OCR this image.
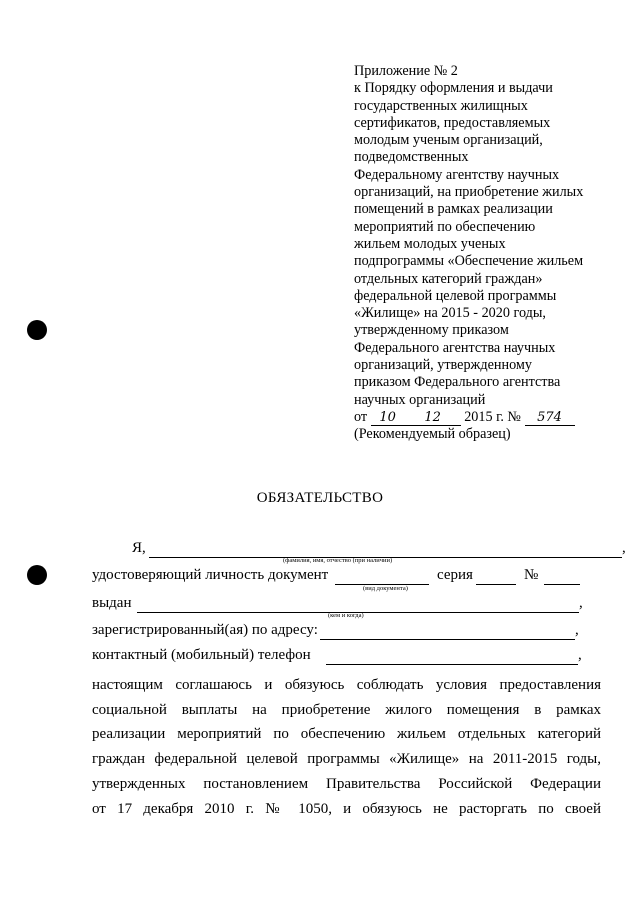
Приложение № 2
к Порядку оформления и выдачи
государственных жилищных
сертификатов, предоставляемых
молодым ученым организаций,
подведомственных
Федеральному агентству научных
организаций, на приобретение жилых
помещений в рамках реализации
мероприятий по обеспечению
жильем молодых ученых
подпрограммы «Обеспечение жильем
отдельных категорий граждан»
федеральной целевой программы
«Жилище» на 2015 - 2020 годы,
утвержденному приказом
Федерального агентства научных
организаций, утвержденному
приказом Федерального агентства
научных организаций
от 10 12 2015 г. № 574
(Рекомендуемый образец)
ОБЯЗАТЕЛЬСТВО
Я,	,
(фамилия, имя, отчество (при наличии)
удостоверяющий личность документ	серия	№
(вид документа)
выдан	,
(кем и когда)
зарегистрированный(ая) по адресу:	,
контактный (мобильный) телефон	,
настоящим соглашаюсь и обязуюсь соблюдать условия предоставления
социальной выплаты на приобретение жилого помещения в рамках
реализации мероприятий по обеспечению жильем отдельных категорий
граждан федеральной целевой программы «Жилище» на 2011-2015 годы,
утвержденных постановлением Правительства Российской Федерации
от 17 декабря 2010 г. № 1050, и обязуюсь не расторгать по своей
